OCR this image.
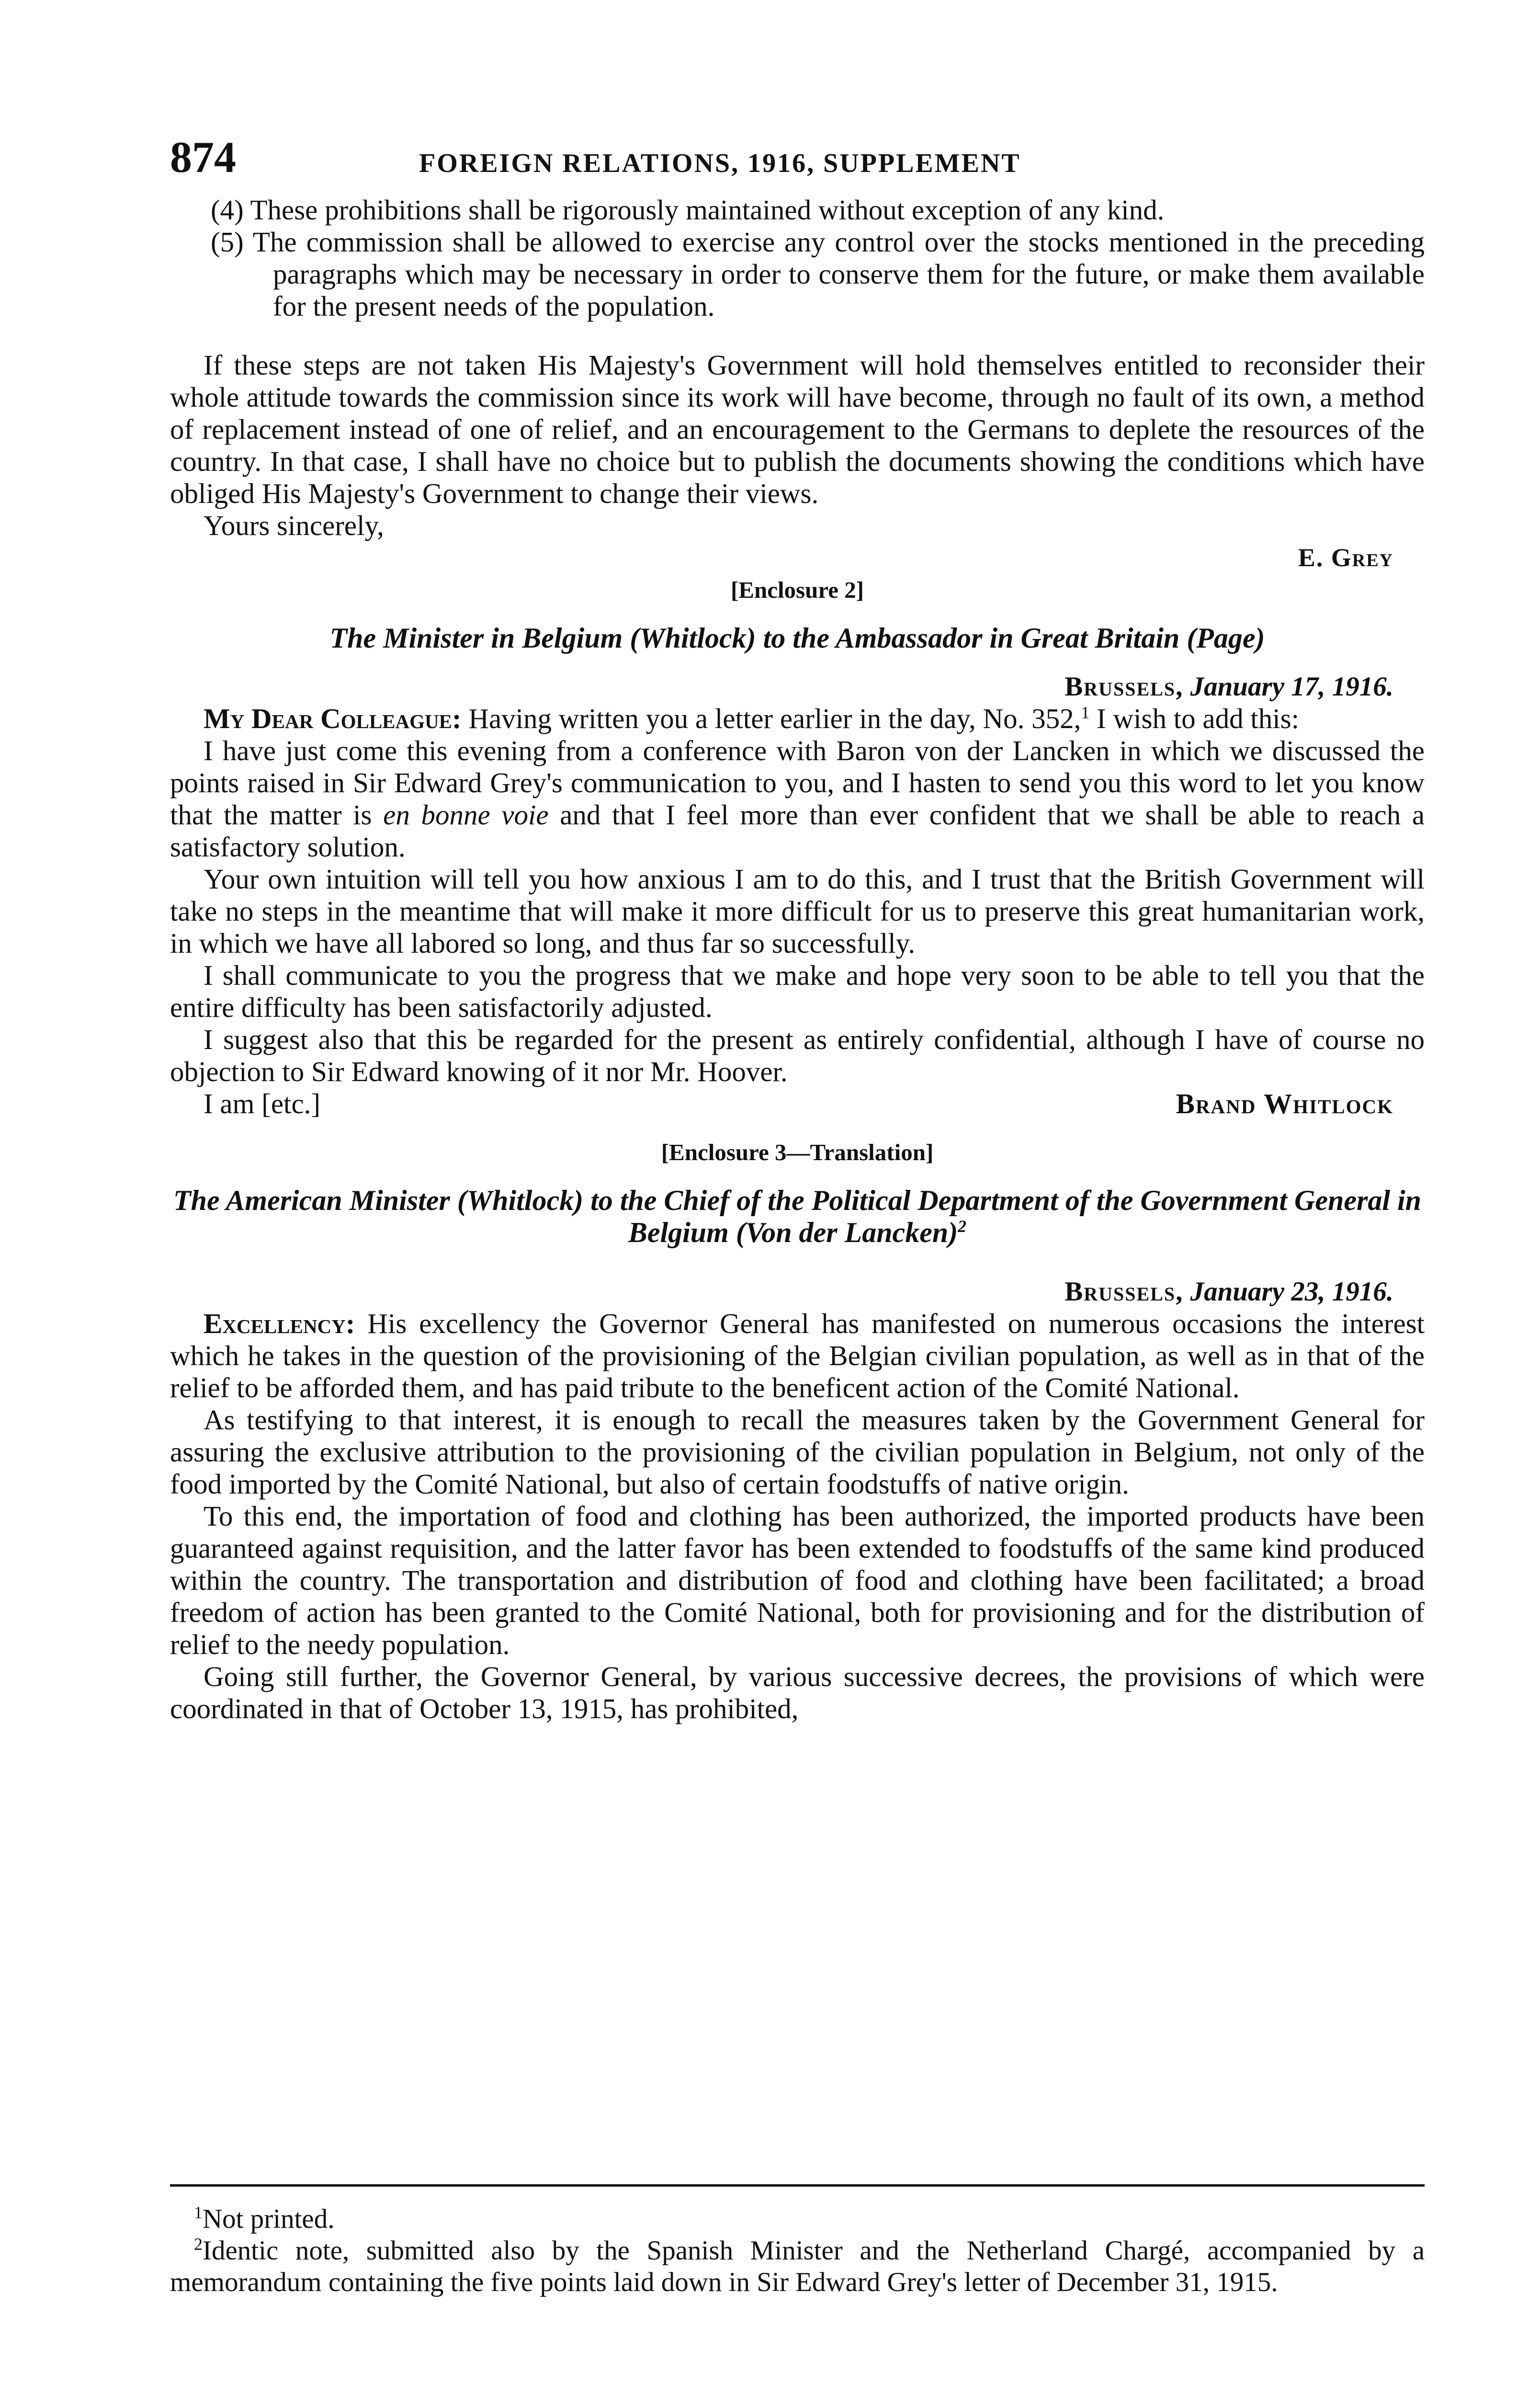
874	FOREIGN RELATIONS, 1916, SUPPLEMENT

(4) These prohibitions shall be rigorously maintained without exception of any kind.

(5) The commission shall be allowed to exercise any control over the stocks mentioned in the preceding paragraphs which may be necessary in order to conserve them for the future, or make them available for the present needs of the population.

If these steps are not taken His Majesty's Government will hold themselves entitled to reconsider their whole attitude towards the commission since its work will have become, through no fault of its own, a method of replacement instead of one of relief, and an encouragement to the Germans to deplete the resources of the country. In that case, I shall have no choice but to publish the documents showing the conditions which have obliged His Majesty's Government to change their views.

Yours sincerely,

E. Grey

[Enclosure 2]

The Minister in Belgium (Whitlock) to the Ambassador in Great Britain (Page)

Brussels, January 17, 1916.

My Dear Colleague: Having written you a letter earlier in the day, No. 352,$^1$ I wish to add this:

I have just come this evening from a conference with Baron von der Lancken in which we discussed the points raised in Sir Edward Grey's communication to you, and I hasten to send you this word to let you know that the matter is en bonne voie and that I feel more than ever confident that we shall be able to reach a satisfactory solution.

Your own intuition will tell you how anxious I am to do this, and I trust that the British Government will take no steps in the meantime that will make it more difficult for us to preserve this great humanitarian work, in which we have all labored so long, and thus far so successfully.

I shall communicate to you the progress that we make and hope very soon to be able to tell you that the entire difficulty has been satisfactorily adjusted.

I suggest also that this be regarded for the present as entirely confidential, although I have of course no objection to Sir Edward knowing of it nor Mr. Hoover.

I am [etc.]	Brand Whitlock

[Enclosure 3—Translation]

The American Minister (Whitlock) to the Chief of the Political Department of the Government General in Belgium (Von der Lancken)$^2$

Brussels, January 23, 1916.

Excellency: His excellency the Governor General has manifested on numerous occasions the interest which he takes in the question of the provisioning of the Belgian civilian population, as well as in that of the relief to be afforded them, and has paid tribute to the beneficent action of the Comité National.

As testifying to that interest, it is enough to recall the measures taken by the Government General for assuring the exclusive attribution to the provisioning of the civilian population in Belgium, not only of the food imported by the Comité National, but also of certain foodstuffs of native origin.

To this end, the importation of food and clothing has been authorized, the imported products have been guaranteed against requisition, and the latter favor has been extended to foodstuffs of the same kind produced within the country. The transportation and distribution of food and clothing have been facilitated; a broad freedom of action has been granted to the Comité National, both for provisioning and for the distribution of relief to the needy population.

Going still further, the Governor General, by various successive decrees, the provisions of which were coordinated in that of October 13, 1915, has prohibited,

$^1$Not printed.

$^2$Identic note, submitted also by the Spanish Minister and the Netherland Chargé, accompanied by a memorandum containing the five points laid down in Sir Edward Grey's letter of December 31, 1915.
